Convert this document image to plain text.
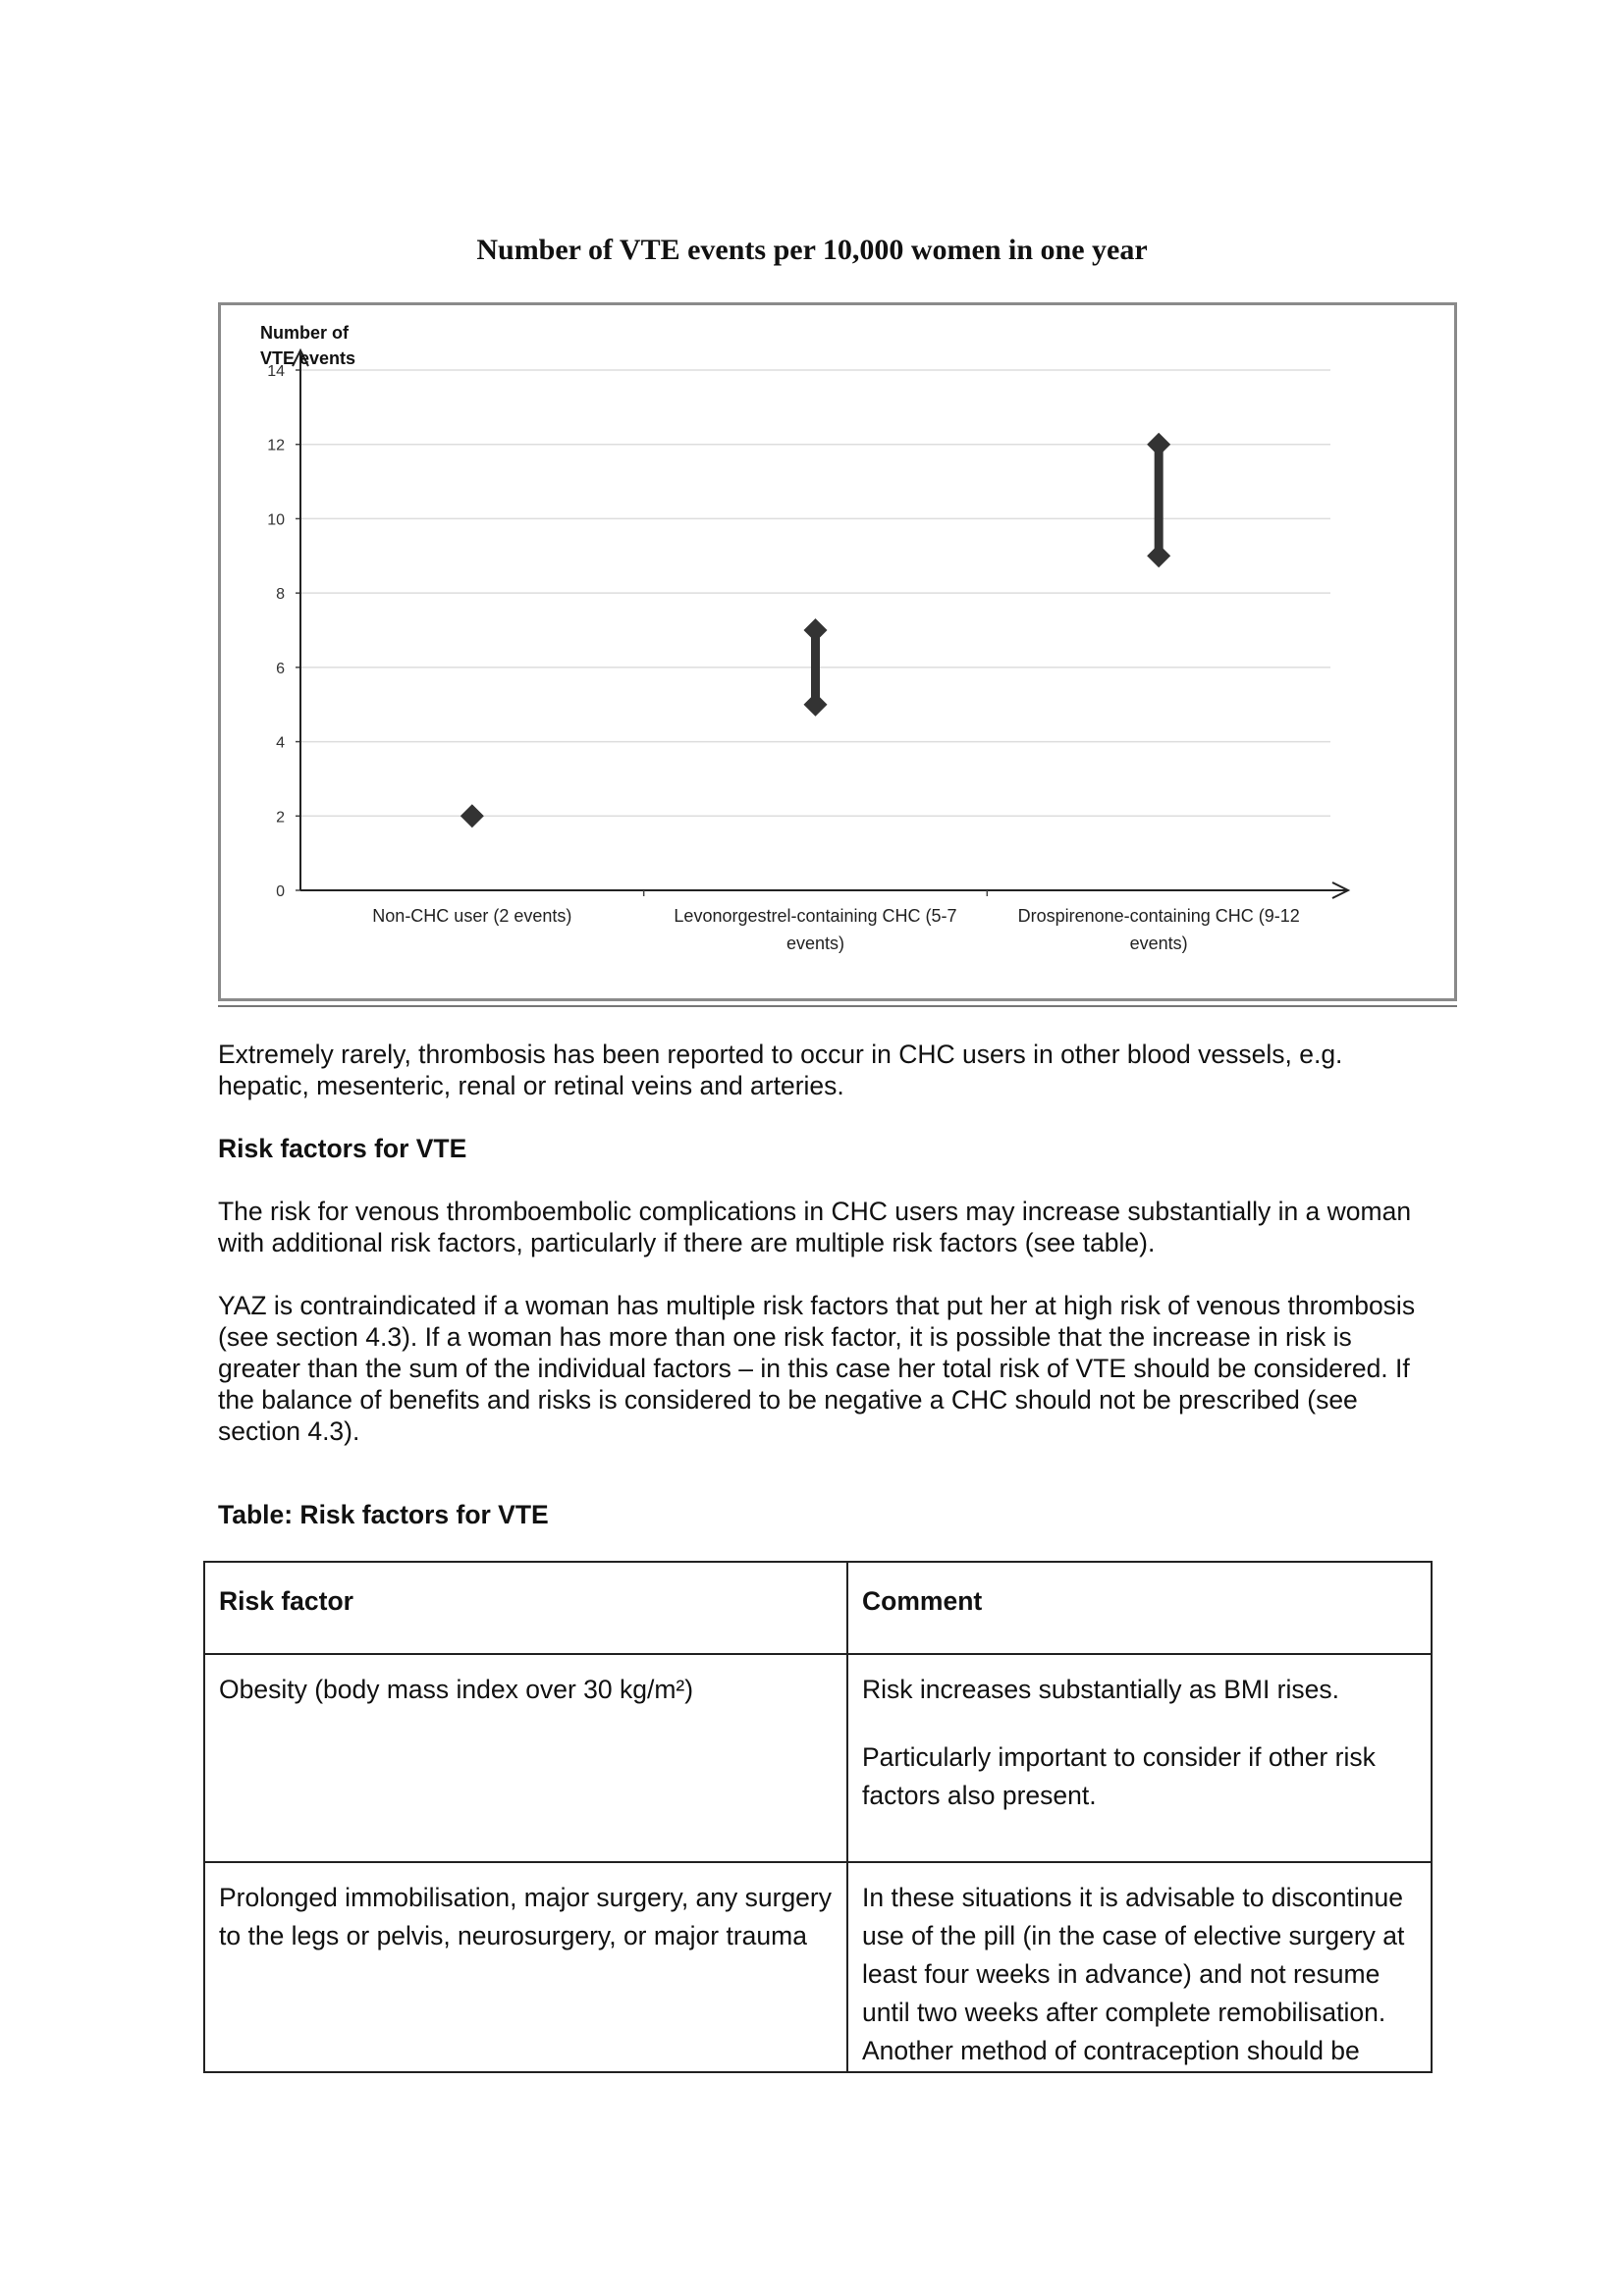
Number of VTE events per 10,000 women in one year
0
2
4
6
8
10
12
14
Number of
VTE events
Non-CHC user (2 events)	Levonorgestrel-containing CHC (5-7
events)
Drospirenone-containing CHC (9-12
events)

Extremely rarely, thrombosis has been reported to occur in CHC users in other blood vessels, e.g. hepatic, mesenteric, renal or retinal veins and arteries.

Risk factors for VTE

The risk for venous thromboembolic complications in CHC users may increase substantially in a woman with additional risk factors, particularly if there are multiple risk factors (see table).

YAZ is contraindicated if a woman has multiple risk factors that put her at high risk of venous thrombosis (see section 4.3). If a woman has more than one risk factor, it is possible that the increase in risk is greater than the sum of the individual factors – in this case her total risk of VTE should be considered. If the balance of benefits and risks is considered to be negative a CHC should not be prescribed (see section 4.3).

Table: Risk factors for VTE

Risk factor	Comment

Obesity (body mass index over 30 kg/m²)	Risk increases substantially as BMI rises.

Particularly important to consider if other risk factors also present.

Prolonged immobilisation, major surgery, any surgery to the legs or pelvis, neurosurgery, or major trauma	In these situations it is advisable to discontinue use of the pill (in the case of elective surgery at least four weeks in advance) and not resume until two weeks after complete remobilisation. Another method of contraception should be
